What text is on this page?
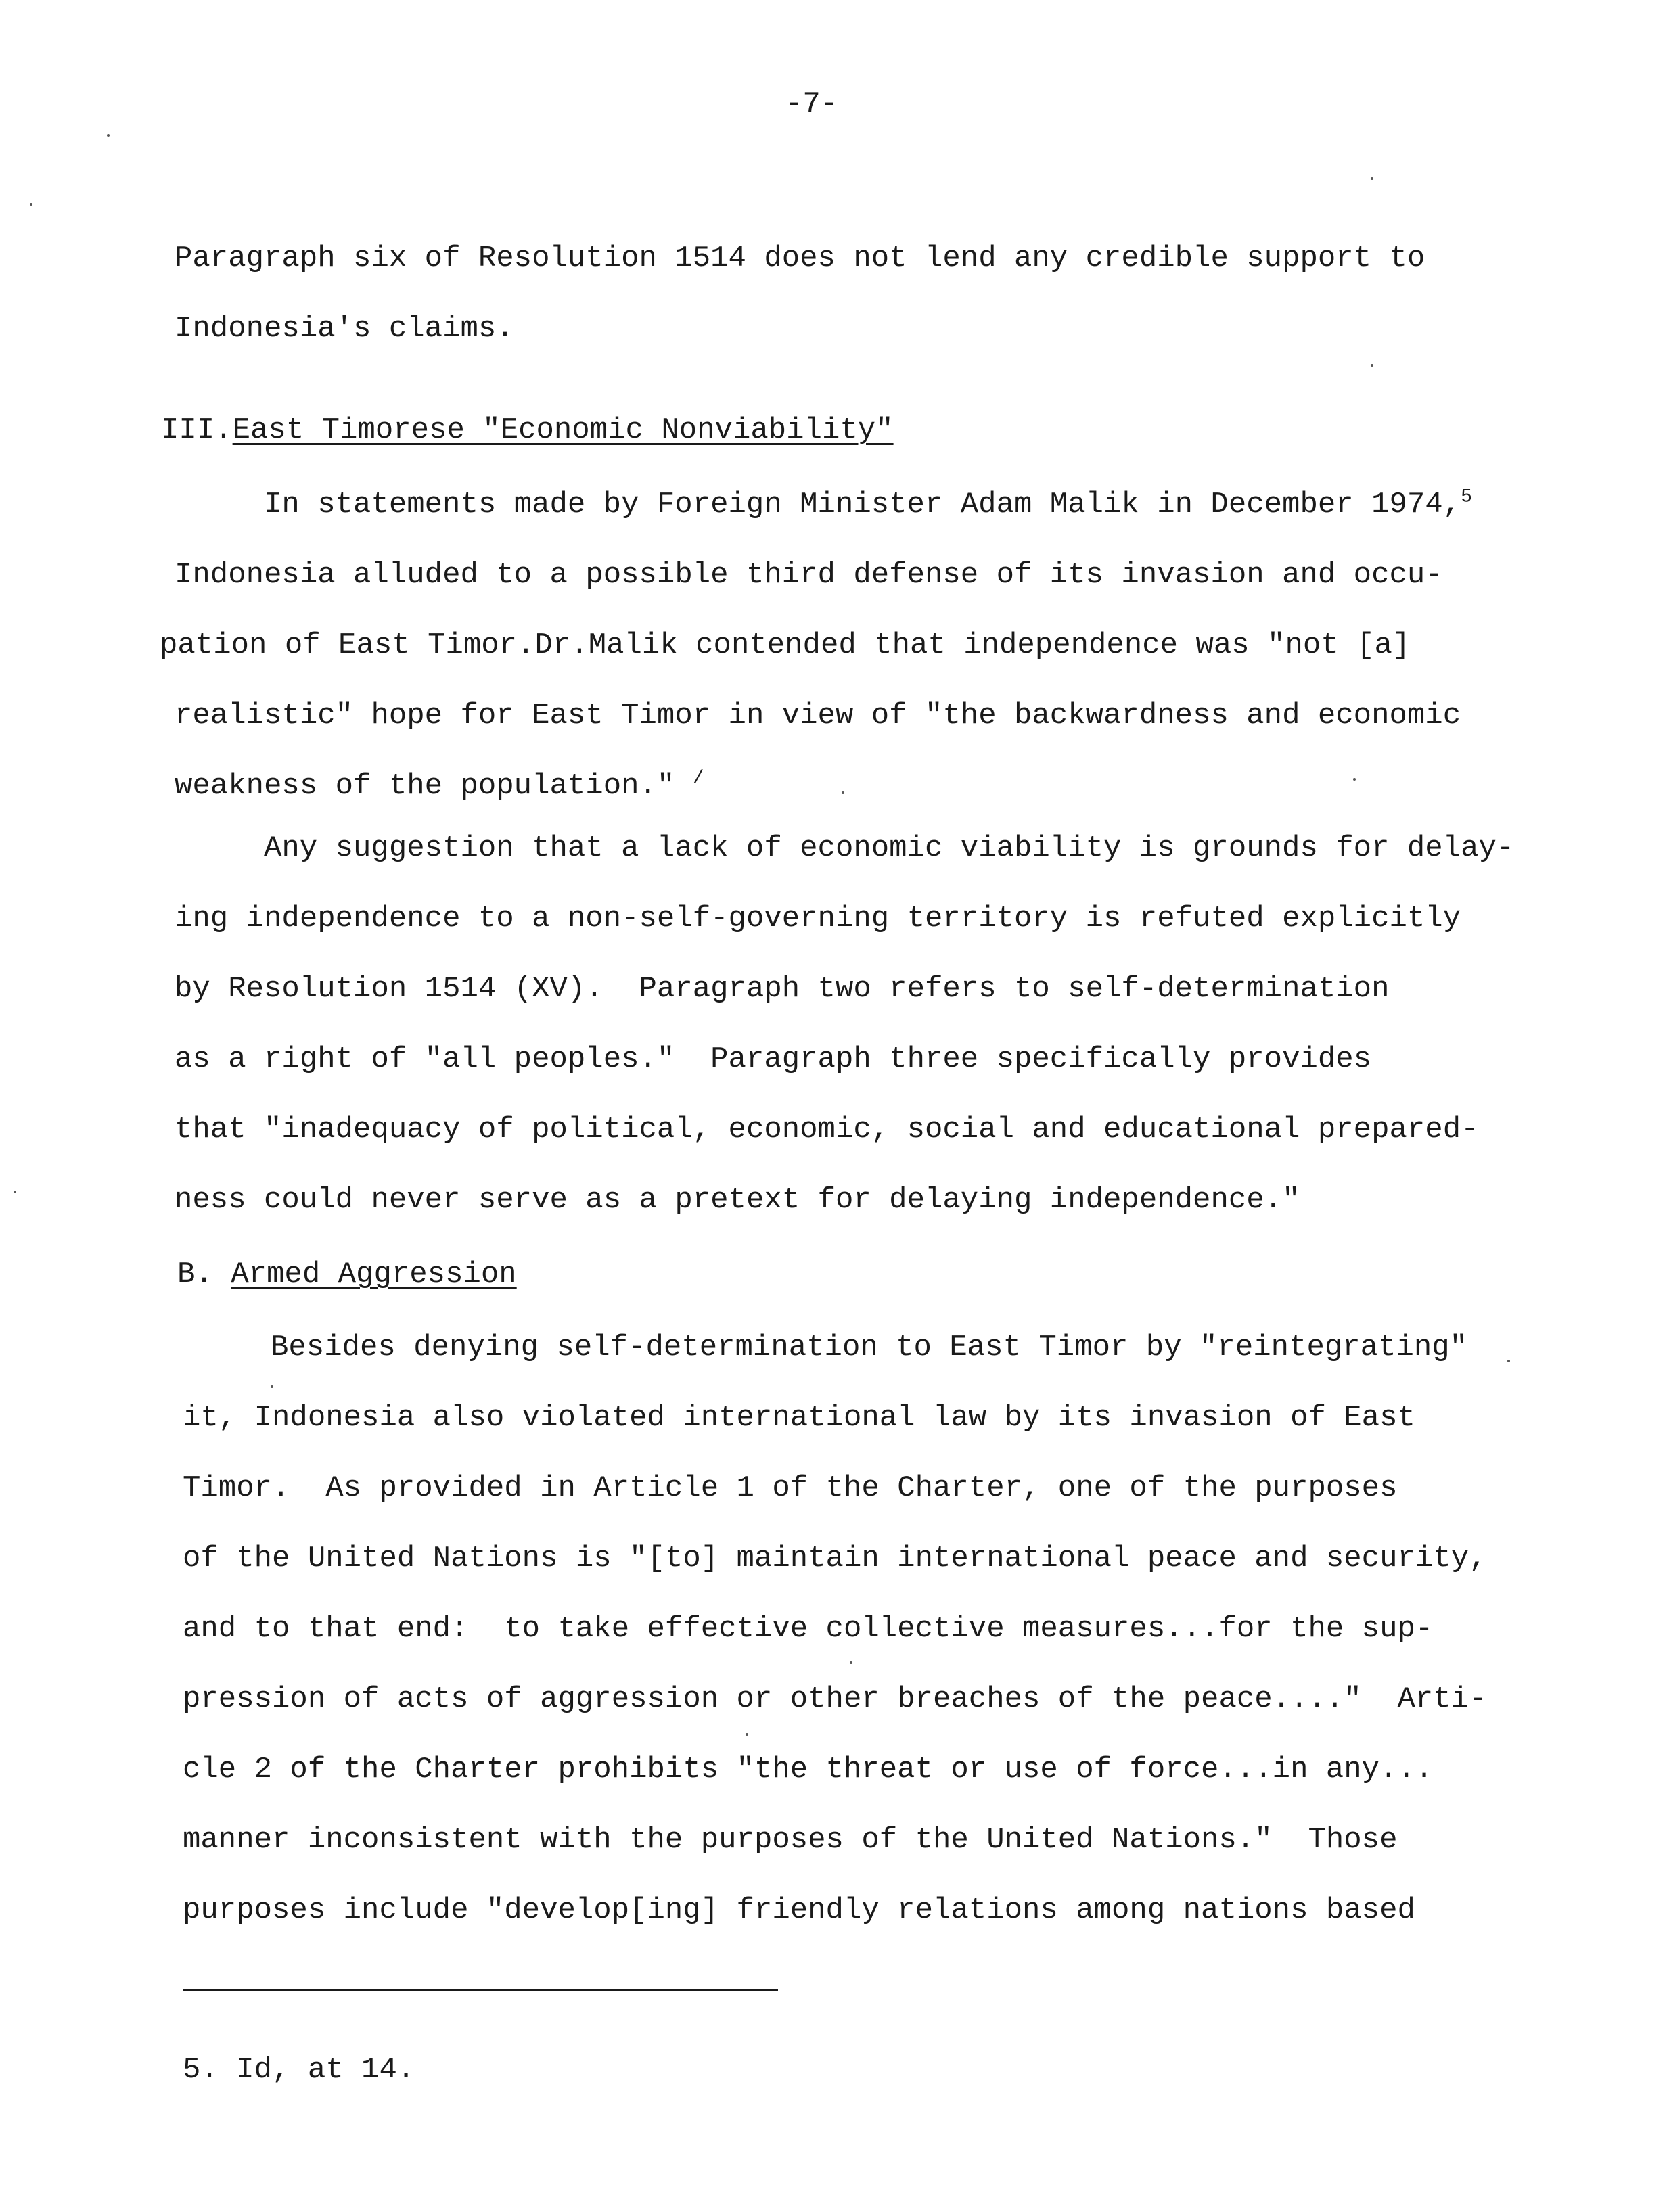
-7-
Paragraph six of Resolution 1514 does not lend any credible support to
Indonesia's claims.
III.East Timorese "Economic Nonviability"
In statements made by Foreign Minister Adam Malik in December 1974,$^5$
Indonesia alluded to a possible third defense of its invasion and occu-
pation of East Timor.Dr.Malik contended that independence was "not [a]
realistic" hope for East Timor in view of "the backwardness and economic
weakness of the population." /
Any suggestion that a lack of economic viability is grounds for delay-
ing independence to a non-self-governing territory is refuted explicitly
by Resolution 1514 (XV).  Paragraph two refers to self-determination
as a right of "all peoples."  Paragraph three specifically provides
that "inadequacy of political, economic, social and educational prepared-
ness could never serve as a pretext for delaying independence."
B. Armed Aggression
Besides denying self-determination to East Timor by "reintegrating"
it, Indonesia also violated international law by its invasion of East
Timor.  As provided in Article 1 of the Charter, one of the purposes
of the United Nations is "[to] maintain international peace and security,
and to that end:  to take effective collective measures...for the sup-
pression of acts of aggression or other breaches of the peace...."  Arti-
cle 2 of the Charter prohibits "the threat or use of force...in any...
manner inconsistent with the purposes of the United Nations."  Those
purposes include "develop[ing] friendly relations among nations based
5. Id, at 14.
